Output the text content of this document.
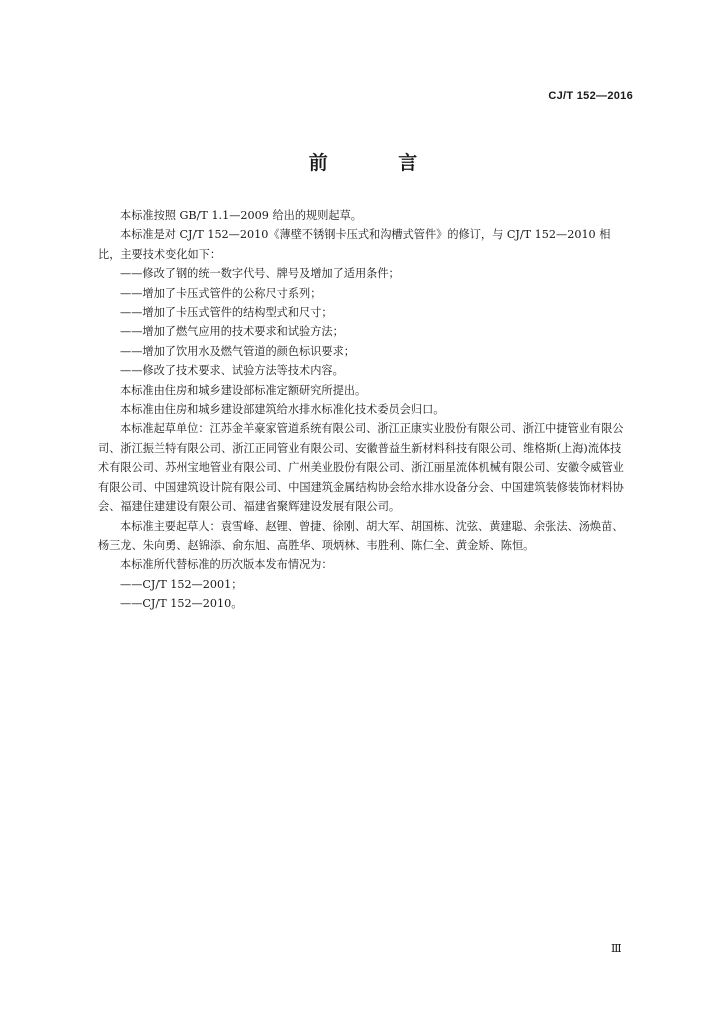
CJ/T 152—2016
前 言

本标准按照 GB/T 1.1—2009 给出的规则起草。

本标准是对 CJ/T 152—2010《薄壁不锈钢卡压式和沟槽式管件》的修订，与 CJ/T 152—2010 相比，主要技术变化如下：

——修改了钢的统一数字代号、牌号及增加了适用条件；

——增加了卡压式管件的公称尺寸系列；

——增加了卡压式管件的结构型式和尺寸；

——增加了燃气应用的技术要求和试验方法；

——增加了饮用水及燃气管道的颜色标识要求；

——修改了技术要求、试验方法等技术内容。

本标准由住房和城乡建设部标准定额研究所提出。

本标准由住房和城乡建设部建筑给水排水标准化技术委员会归口。

本标准起草单位：江苏金羊豪家管道系统有限公司、浙江正康实业股份有限公司、浙江中捷管业有限公司、浙江振兰特有限公司、浙江正同管业有限公司、安徽普益生新材料科技有限公司、维格斯(上海)流体技术有限公司、苏州宝地管业有限公司、广州美业股份有限公司、浙江丽星流体机械有限公司、安徽令威管业有限公司、中国建筑设计院有限公司、中国建筑金属结构协会给水排水设备分会、中国建筑装修装饰材料协会、福建住建建设有限公司、福建省聚辉建设发展有限公司。

本标准主要起草人：袁雪峰、赵锂、曾捷、徐刚、胡大军、胡国栋、沈弦、黄建聪、余张法、汤焕苗、杨三龙、朱向勇、赵锦添、俞东旭、高胜华、项炳林、韦胜利、陈仁全、黄金矫、陈恒。

本标准所代替标准的历次版本发布情况为：

——CJ/T 152—2001；

——CJ/T 152—2010。

Ⅲ
